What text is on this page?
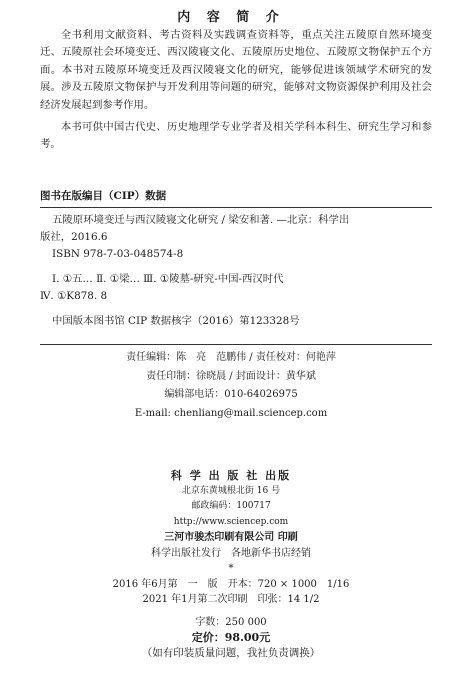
内 容 简 介

全书利用文献资料、考古资料及实践调查资料等，重点关注五陵原自然环境变迁、五陵原社会环境变迁、西汉陵寝文化、五陵原历史地位、五陵原文物保护五个方面。本书对五陵原环境变迁及西汉陵寝文化的研究，能够促进该领域学术研究的发展。涉及五陵原文物保护与开发利用等问题的研究，能够对文物资源保护利用及社会经济发展起到参考作用。

本书可供中国古代史、历史地理学专业学者及相关学科本科生、研究生学习和参考。

图书在版编目（CIP）数据
五陵原环境变迁与西汉陵寝文化研究 / 梁安和著. —北京：科学出
版社，2016.6
ISBN 978-7-03-048574-8
Ⅰ. ①五… Ⅱ. ①梁… Ⅲ. ①陵墓-研究-中国-西汉时代
Ⅳ. ①K878. 8
中国版本图书馆 CIP 数据核字（2016）第123328号
责任编辑：陈　亮　范鹏伟 / 责任校对：何艳萍
责任印制：徐晓晨 / 封面设计：黄华斌
编辑部电话：010-64026975
E-mail: chenliang@mail.sciencep.com
科 学 出 版 社 出版
北京东黄城根北街 16 号
邮政编码：100717
http://www.sciencep.com
三河市骏杰印刷有限公司 印刷
科学出版社发行　各地新华书店经销
*
2016 年6月第　一　版　开本：720 × 1000　1/16
2021 年1月第二次印刷　印张：14 1/2
字数：250 000
定价：98.00元
（如有印装质量问题，我社负责调换）
